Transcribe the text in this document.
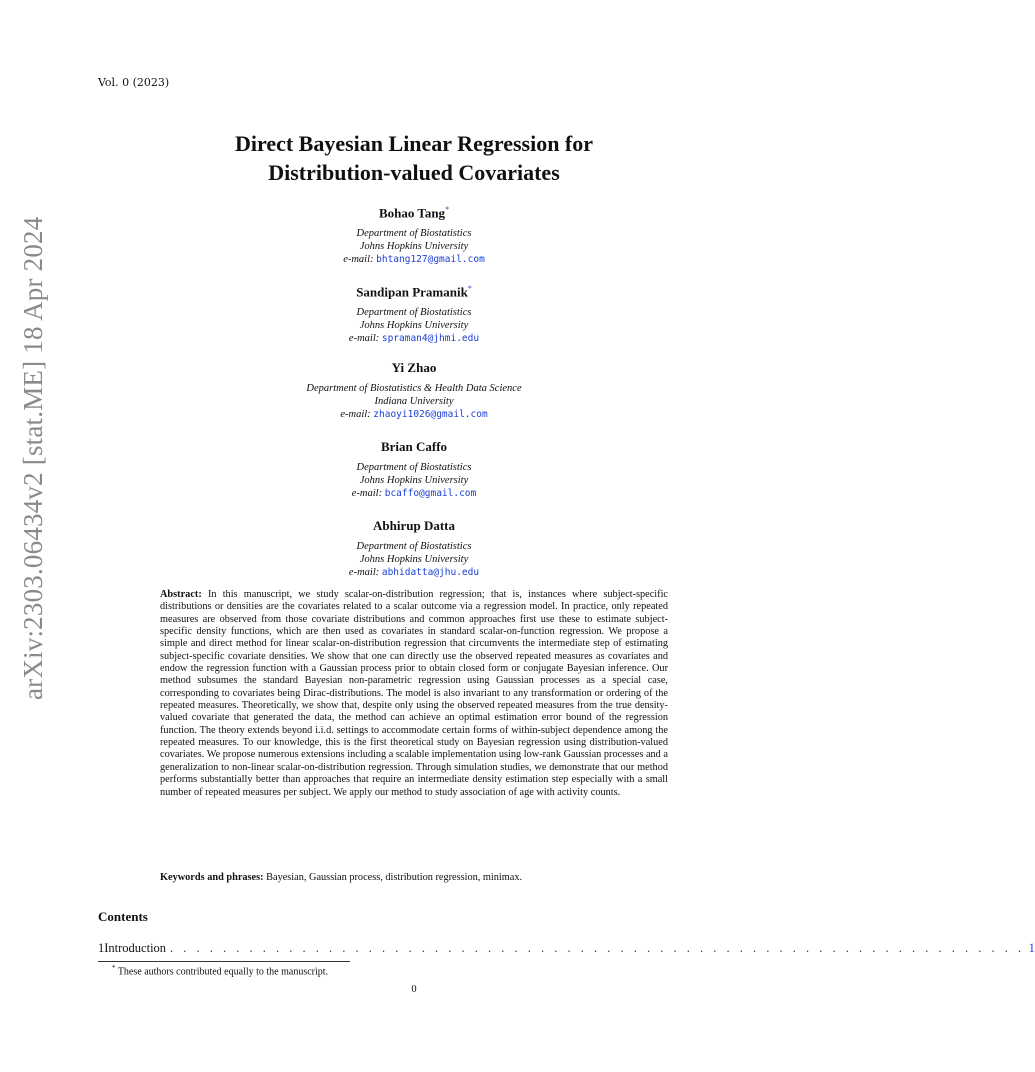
Vol. 0 (2023)
arXiv:2303.06434v2 [stat.ME] 18 Apr 2024
Direct Bayesian Linear Regression for
Distribution-valued Covariates
Bohao Tang*
Department of Biostatistics
Johns Hopkins University
e-mail: bhtang127@gmail.com
Sandipan Pramanik*
Department of Biostatistics
Johns Hopkins University
e-mail: spraman4@jhmi.edu
Yi Zhao
Department of Biostatistics & Health Data Science
Indiana University
e-mail: zhaoyi1026@gmail.com
Brian Caffo
Department of Biostatistics
Johns Hopkins University
e-mail: bcaffo@gmail.com
Abhirup Datta
Department of Biostatistics
Johns Hopkins University
e-mail: abhidatta@jhu.edu
Abstract: In this manuscript, we study scalar-on-distribution regression; that is, instances where subject-specific distributions or densities are the covariates related to a scalar outcome via a regression model. In practice, only repeated measures are observed from those covariate distributions and common approaches first use these to estimate subject-specific density functions, which are then used as covariates in standard scalar-on-function regression. We propose a simple and direct method for linear scalar-on-distribution regression that circumvents the intermediate step of estimating subject-specific covariate densities. We show that one can directly use the observed repeated measures as covariates and endow the regression function with a Gaussian process prior to obtain closed form or conjugate Bayesian inference. Our method subsumes the standard Bayesian non-parametric regression using Gaussian processes as a special case, corresponding to covariates being Dirac-distributions. The model is also invariant to any transformation or ordering of the repeated measures. Theoretically, we show that, despite only using the observed repeated measures from the true density-valued covariate that generated the data, the method can achieve an optimal estimation error bound of the regression function. The theory extends beyond i.i.d. settings to accommodate certain forms of within-subject dependence among the repeated measures. To our knowledge, this is the first theoretical study on Bayesian regression using distribution-valued covariates. We propose numerous extensions including a scalable implementation using low-rank Gaussian processes and a generalization to non-linear scalar-on-distribution regression. Through simulation studies, we demonstrate that our method performs substantially better than approaches that require an intermediate density estimation step especially with a small number of repeated measures per subject. We apply our method to study association of age with activity counts.
Keywords and phrases: Bayesian, Gaussian process, distribution regression, minimax.
Contents
1 Introduction . . . . . . . . . . . . . . . . . . . . . . . . . . . . . . . . . . . . . . . . . . . . . . . . . . . . . . . . . . . . . . . . . 1
* These authors contributed equally to the manuscript.
0
